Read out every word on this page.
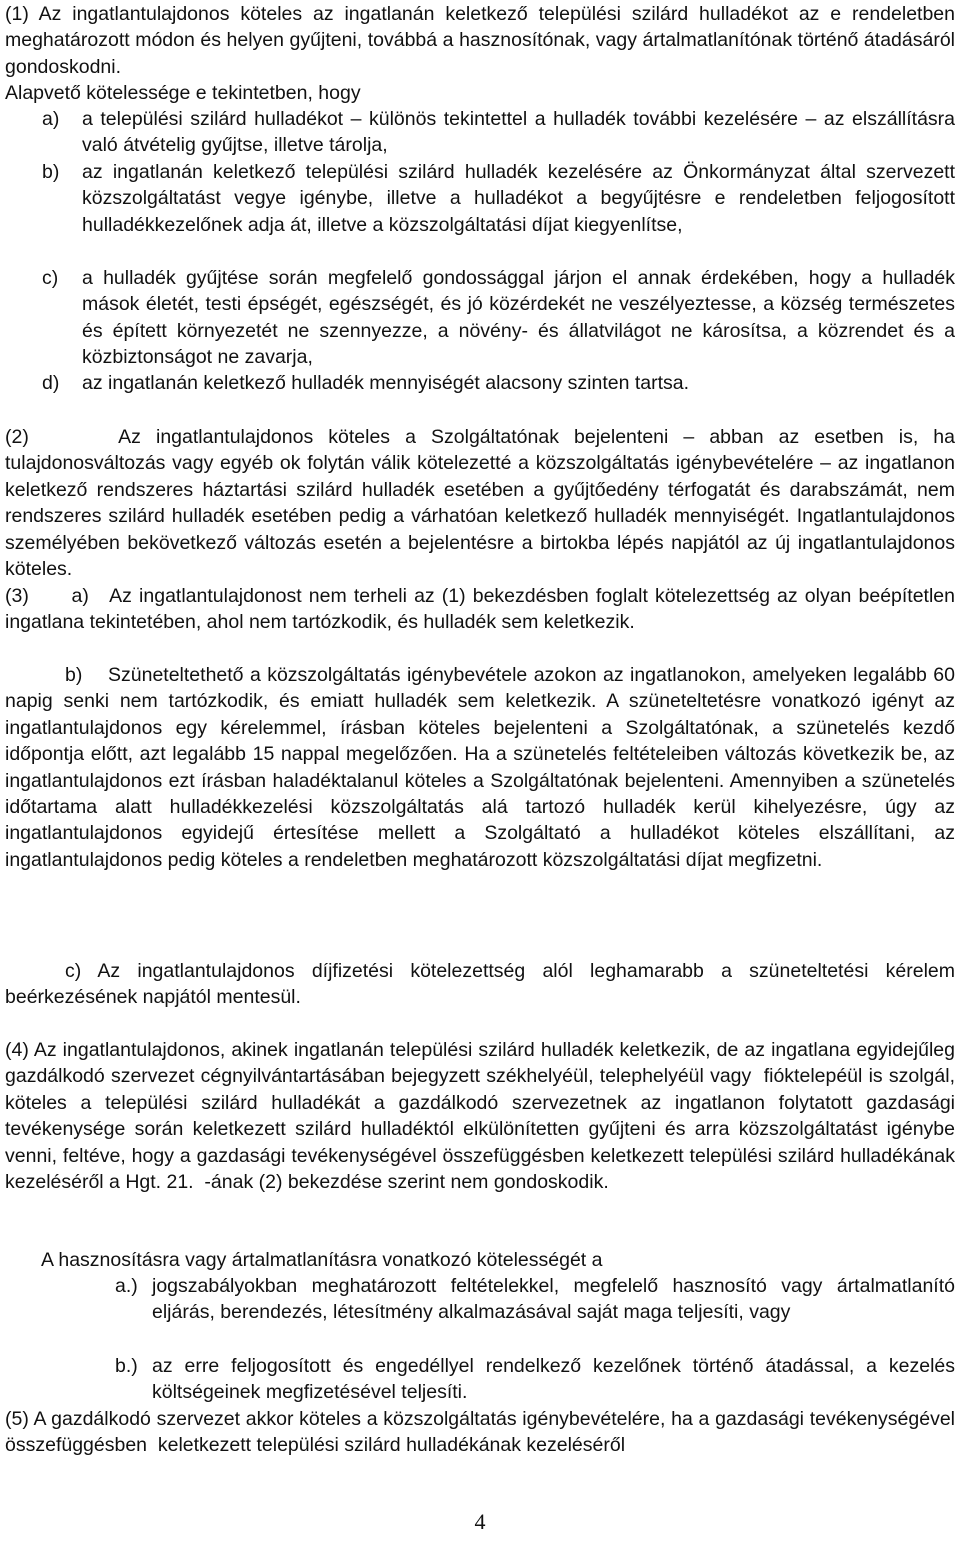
(1) Az ingatlantulajdonos köteles az ingatlanán keletkező települési szilárd hulladékot az e rendeletben meghatározott módon és helyen gyűjteni, továbbá a hasznosítónak, vagy ártalmatlanítónak történő átadásáról gondoskodni.

Alapvető kötelessége e tekintetben, hogy

a) a települési szilárd hulladékot – különös tekintettel a hulladék további kezelésére – az elszállításra való átvételig gyűjtse, illetve tárolja,
b) az ingatlanán keletkező települési szilárd hulladék kezelésére az Önkormányzat által szervezett közszolgáltatást vegye igénybe, illetve a hulladékot a begyűjtésre e rendeletben feljogosított hulladékkezelőnek adja át, illetve a közszolgáltatási díjat kiegyenlítse,
c) a hulladék gyűjtése során megfelelő gondossággal járjon el annak érdekében, hogy a hulladék mások életét, testi épségét, egészségét, és jó közérdekét ne veszélyeztesse, a község természetes és épített környezetét ne szennyezze, a növény- és állatvilágot ne károsítsa, a közrendet és a közbiztonságot ne zavarja,
d) az ingatlanán keletkező hulladék mennyiségét alacsony szinten tartsa.

(2)      Az ingatlantulajdonos köteles a Szolgáltatónak bejelenteni – abban az esetben is, ha tulajdonosváltozás vagy egyéb ok folytán válik kötelezetté a közszolgáltatás igénybevételére – az ingatlanon keletkező rendszeres háztartási szilárd hulladék esetében a gyűjtőedény térfogatát és darabszámát, nem rendszeres szilárd hulladék esetében pedig a várhatóan keletkező hulladék mennyiségét. Ingatlantulajdonos személyében bekövetkező változás esetén a bejelentésre a birtokba lépés napjától az új ingatlantulajdonos köteles.

(3)      a)   Az ingatlantulajdonost nem terheli az (1) bekezdésben foglalt kötelezettség az olyan beépítetlen ingatlana tekintetében, ahol nem tartózkodik, és hulladék sem keletkezik.

b)    Szüneteltethető a közszolgáltatás igénybevétele azokon az ingatlanokon, amelyeken legalább 60 napig senki nem tartózkodik, és emiatt hulladék sem keletkezik. A szüneteltetésre vonatkozó igényt az ingatlantulajdonos egy kérelemmel, írásban köteles bejelenteni a Szolgáltatónak, a szünetelés kezdő időpontja előtt, azt legalább 15 nappal megelőzően. Ha a szünetelés feltételeiben változás következik be, az ingatlantulajdonos ezt írásban haladéktalanul köteles a Szolgáltatónak bejelenteni. Amennyiben a szünetelés időtartama alatt hulladékkezelési közszolgáltatás alá tartozó hulladék kerül kihelyezésre, úgy az ingatlantulajdonos egyidejű értesítése mellett a Szolgáltató a hulladékot köteles elszállítani, az ingatlantulajdonos pedig köteles a rendeletben meghatározott közszolgáltatási díjat megfizetni.

c) Az ingatlantulajdonos díjfizetési kötelezettség alól leghamarabb a szüneteltetési kérelem beérkezésének napjától mentesül.

(4) Az ingatlantulajdonos, akinek ingatlanán települési szilárd hulladék keletkezik, de az ingatlana egyidejűleg gazdálkodó szervezet cégnyilvántartásában bejegyzett székhelyéül, telephelyéül vagy  fióktelepéül is szolgál, köteles a települési szilárd hulladékát a gazdálkodó szervezetnek az ingatlanon folytatott gazdasági tevékenysége során keletkezett szilárd hulladéktól elkülönítetten gyűjteni és arra közszolgáltatást igénybe venni, feltéve, hogy a gazdasági tevékenységével összefüggésben keletkezett települési szilárd hulladékának kezeléséről a Hgt. 21.  -ának (2) bekezdése szerint nem gondoskodik.

A hasznosításra vagy ártalmatlanításra vonatkozó kötelességét a

a.) jogszabályokban meghatározott feltételekkel, megfelelő hasznosító vagy ártalmatlanító eljárás, berendezés, létesítmény alkalmazásával saját maga teljesíti, vagy
b.) az erre feljogosított és engedéllyel rendelkező kezelőnek történő átadással, a kezelés költségeinek megfizetésével teljesíti.

(5) A gazdálkodó szervezet akkor köteles a közszolgáltatás igénybevételére, ha a gazdasági tevékenységével összefüggésben  keletkezett települési szilárd hulladékának kezeléséről

4
